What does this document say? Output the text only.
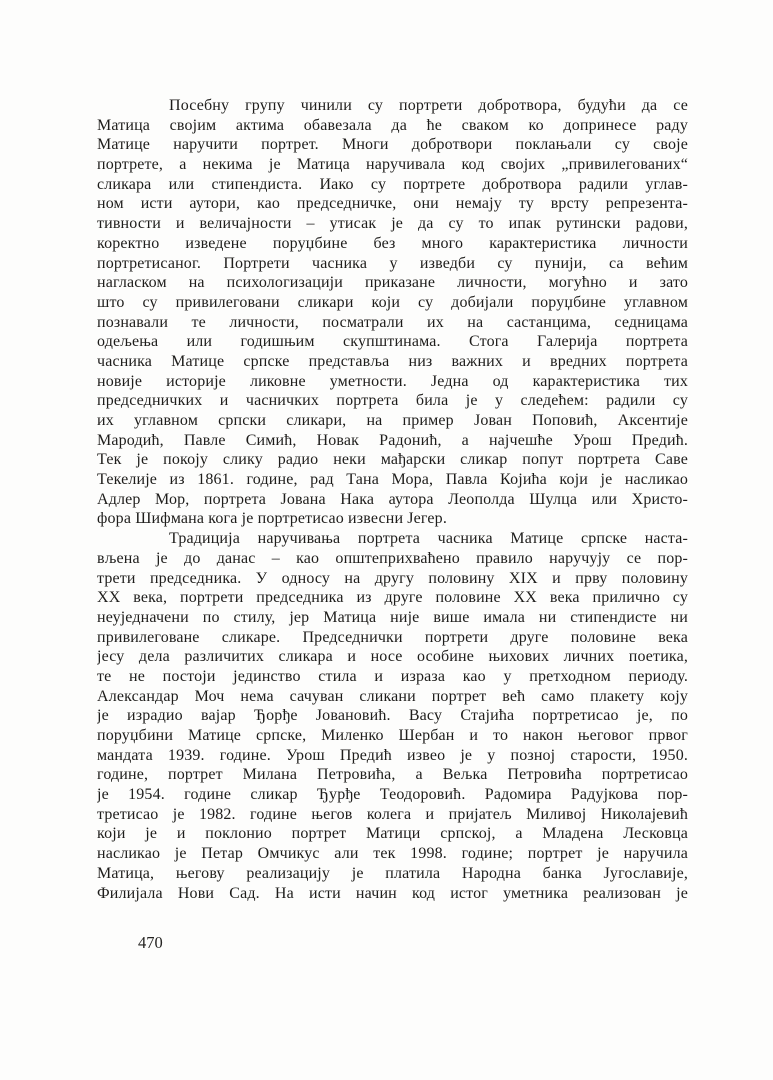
Посебну групу чинили су портрети добротвора, будући да се
Матица својим актима обавезала да ће сваком ко допринесе раду
Матице наручити портрет. Многи добротвори поклањали су своје
портрете, а некима је Матица наручивала код својих „привилегованих“
сликара или стипендиста. Иако су портрете добротвора радили углав-
ном исти аутори, као председничке, они немају ту врсту репрезента-
тивности и величајности – утисак је да су то ипак рутински радови,
коректно изведене поруџбине без много карактеристика личности
портретисаног. Портрети часника у изведби су пунији, са већим
нагласком на психологизацији приказане личности, могућно и зато
што су привилеговани сликари који су добијали поруџбине углавном
познавали те личности, посматрали их на састанцима, седницама
одељења или годишњим скупштинама. Стога Галерија портрета
часника Матице српске представља низ важних и вредних портрета
новије историје ликовне уметности. Једна од карактеристика тих
председничких и часничких портрета била је у следећем: радили су
их углавном српски сликари, на пример Јован Поповић, Аксентије
Мародић, Павле Симић, Новак Радонић, а најчешће Урош Предић.
Тек је покоју слику радио неки мађарски сликар попут портрета Саве
Текелије из 1861. године, рад Тана Мора, Павла Којића који је насликао
Адлер Мор, портрета Јована Нака аутора Леополда Шулца или Христо-
фора Шифмана кога је портретисао извесни Јегер.
Традиција наручивања портрета часника Матице српске наста-
вљена је до данас – као општеприхваћено правило наручују се пор-
трети председника. У односу на другу половину XIX и прву половину
XX века, портрети председника из друге половине XX века прилично су
неуједначени по стилу, јер Матица није више имала ни стипендисте ни
привилеговане сликаре. Председнички портрети друге половине века
јесу дела различитих сликара и носе особине њихових личних поетика,
те не постоји јединство стила и израза као у претходном периоду.
Александар Моч нема сачуван сликани портрет већ само плакету коју
је израдио вајар Ђорђе Јовановић. Васу Стајића портретисао је, по
поруџбини Матице српске, Миленко Шербан и то након његовог првог
мандата 1939. године. Урош Предић извео је у позној старости, 1950.
године, портрет Милана Петровића, а Вељка Петровића портретисао
је 1954. године сликар Ђурђе Теодоровић. Радомира Радујкова пор-
третисао је 1982. године његов колега и пријатељ Миливој Николајевић
који је и поклонио портрет Матици српској, а Младена Лесковца
насликао је Петар Омчикус али тек 1998. године; портрет је наручила
Матица, његову реализацију је платила Народна банка Југославије,
Филијала Нови Сад. На исти начин код истог уметника реализован је
470
